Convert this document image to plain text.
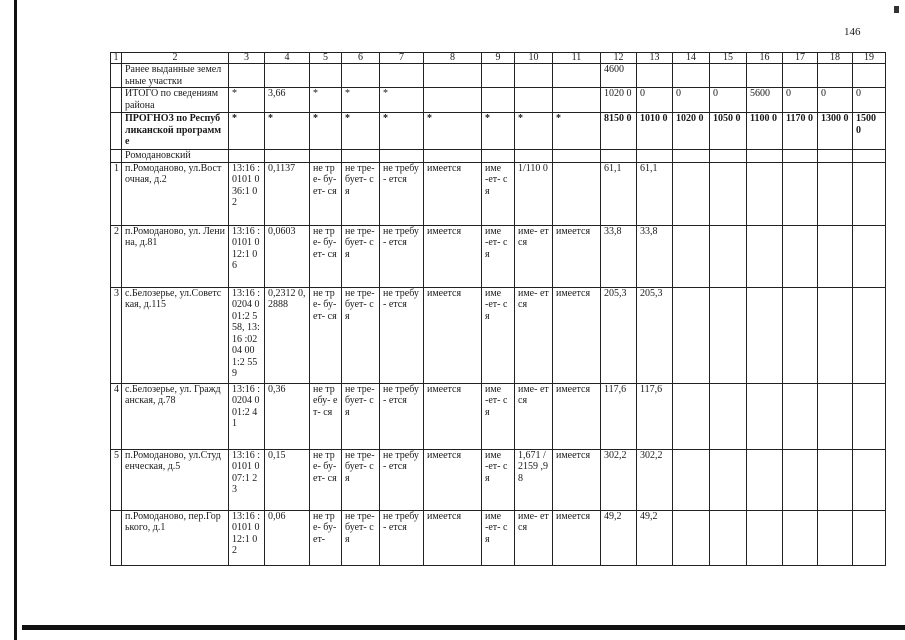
146
1	2	3	4	5	6	7	8	9	10	11	12	13	14	15	16	17	18	19
	Ранее выданные земельные участки										4600							
	ИТОГО по сведениям района	*	3,66	*	*	*					1020 0	0	0	0	5600	0	0	0
	ПРОГНОЗ по Республиканской программе	*	*	*	*	*	*	*	*	*	8150 0	1010 0	1020 0	1050 0	1100 0	1170 0	1300 0	1500 0
	Ромодановский																	
1	п.Ромоданово, ул.Восточная, д.2	13:16 :0101 036:1 02	0,1137	не тре- бу- ет- ся	не тре- бует- ся	не требу- ется	имеется	име -ет- ся	1/110 0		61,1	61,1						
2	п.Ромоданово, ул. Ленина, д.81	13:16 :0101 012:1 06	0,0603	не тре- бу- ет- ся	не тре- бует- ся	не требу- ется	имеется	име -ет- ся	име- ется	имеется	33,8	33,8						
3	с.Белозерье, ул.Советская, д.115	13:16 :0204 001:2 558, 13:16 :0204 001:2 559	0,2312 0,2888	не тре- бу- ет- ся	не тре- бует- ся	не требу- ется	имеется	име -ет- ся	име- ется	имеется	205,3	205,3						
4	с.Белозерье, ул. Гражданская, д.78	13:16 :0204 001:2 41	0,36	не требу- ет- ся	не тре- бует- ся	не требу- ется	имеется	име -ет- ся	име- ется	имеется	117,6	117,6						
5	п.Ромоданово, ул.Студенческая, д.5	13:16 :0101 007:1 23	0,15	не тре- бу- ет- ся	не тре- бует- ся	не требу- ется	имеется	име -ет- ся	1,671 /2159 ,98	имеется	302,2	302,2						
	п.Ромоданово, пер.Горького, д.1	13:16 :0101 012:1 02	0,06	не тре- бу- ет-	не тре- бует- ся	не требу- ется	имеется	име -ет- ся	име- ется	имеется	49,2	49,2						
